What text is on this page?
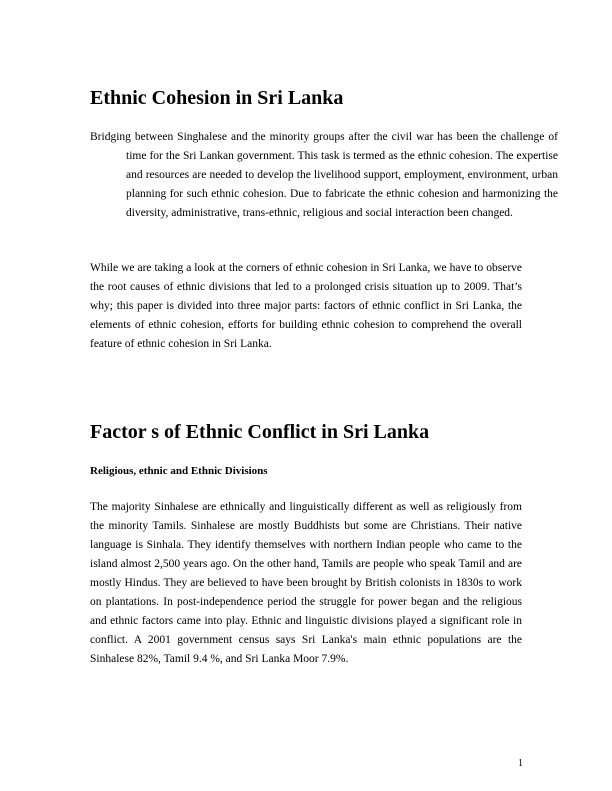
Ethnic Cohesion in Sri Lanka

Bridging between Singhalese and the minority groups after the civil war has been the challenge of time for the Sri Lankan government. This task is termed as the ethnic cohesion. The expertise and resources are needed to develop the livelihood support, employment, environment, urban planning for such ethnic cohesion. Due to fabricate the ethnic cohesion and harmonizing the diversity, administrative, trans-ethnic, religious and social interaction been changed.

While we are taking a look at the corners of ethnic cohesion in Sri Lanka, we have to observe the root causes of ethnic divisions that led to a prolonged crisis situation up to 2009. That’s why; this paper is divided into three major parts: factors of ethnic conflict in Sri Lanka, the elements of ethnic cohesion, efforts for building ethnic cohesion to comprehend the overall feature of ethnic cohesion in Sri Lanka.

Factor s of Ethnic Conflict in Sri Lanka
Religious, ethnic and Ethnic Divisions

The majority Sinhalese are ethnically and linguistically different as well as religiously from the minority Tamils. Sinhalese are mostly Buddhists but some are Christians. Their native language is Sinhala. They identify themselves with northern Indian people who came to the island almost 2,500 years ago. On the other hand, Tamils are people who speak Tamil and are mostly Hindus. They are believed to have been brought by British colonists in 1830s to work on plantations. In post-independence period the struggle for power began and the religious and ethnic factors came into play. Ethnic and linguistic divisions played a significant role in conflict. A 2001 government census says Sri Lanka's main ethnic populations are the Sinhalese 82%, Tamil 9.4 %, and Sri Lanka Moor 7.9%.

1
